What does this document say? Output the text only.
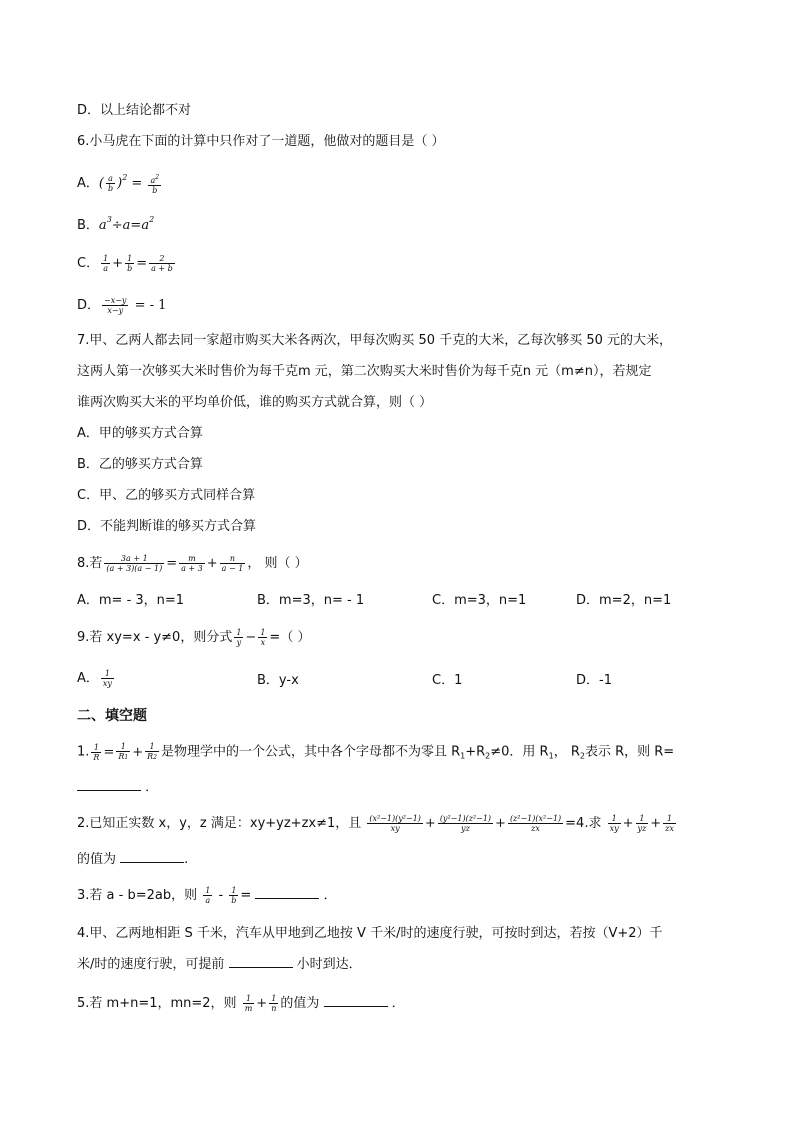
D．以上结论都不对
6.小马虎在下面的计算中只作对了一道题，他做对的题目是（ ）
A．( $\frac{a}{b} )^2 = \frac{a^2}{b}$
B．$a^3\div a=a^2$
C． $\frac{1}{a} + \frac{1}{b} = \frac{2}{a + b}$
D． $\frac{-x-y}{x-y}$ = - 1
7.甲、乙两人都去同一家超市购买大米各两次，甲每次购买 50 千克的大米，乙每次够买 50 元的大米，
这两人第一次够买大米时售价为每千克m 元，第二次购买大米时售价为每千克n 元（m≠n），若规定
谁两次购买大米的平均单价低，谁的购买方式就合算，则（ ）
A．甲的够买方式合算
B．乙的够买方式合算
C．甲、乙的够买方式同样合算
D．不能判断谁的够买方式合算
8.若 $\frac{3a + 1}{(a + 3)(a - 1)} = \frac{m}{a + 3} + \frac{n}{a - 1}$ ， 则（ ）
A．m= - 3，n=1	B．m=3，n= - 1	C．m=3，n=1	D．m=2，n=1
9.若 xy=x - y≠0，则分式 $\frac{1}{y} - \frac{1}{x}$ =（ ）
A． $\frac{1}{xy}$	B．y-x	C．1	D．-1
二、填空题
1. $\frac{1}{R} = \frac{1}{R1} + \frac{1}{R2}$ 是物理学中的一个公式，其中各个字母都不为零且 $R_1+R_2\ne 0$．用 $R_1$， $R_2$表示 R，则 R=
．
2.已知正实数 x，y，z 满足：xy+yz+zx≠1，且 $\frac{\text{(x²−1)(y²−1)}}{xy} + \frac{\text{(y²−1)(z²−1)}}{yz} + \frac{\text{(z²−1)(x²−1)}}{zx} =4$.求 $\frac{1}{xy} + \frac{1}{yz} + \frac{1}{zx}$
的值为	.
3.若 a - b=2ab，则 $\frac{1}{a} - \frac{1}{b}$ =	．
4.甲、乙两地相距 S 千米，汽车从甲地到乙地按 V 千米/时的速度行驶，可按时到达，若按（V+2）千
米/时的速度行驶，可提前	小时到达．
5.若 m+n=1，mn=2，则 $\frac{1}{m} + \frac{1}{n}$ 的值为	．
